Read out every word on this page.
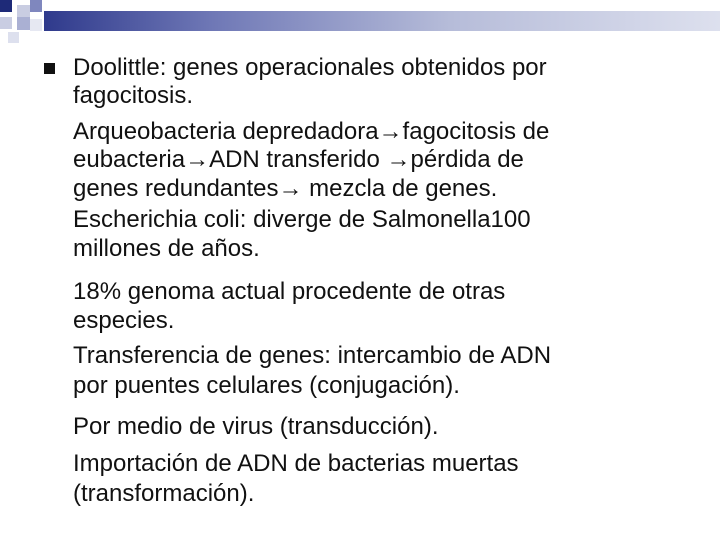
Doolittle: genes operacionales obtenidos por

fagocitosis.

Arqueobacteria depredadora→fagocitosis de

eubacteria→ADN transferido →pérdida de

genes redundantes→ mezcla de genes.

Escherichia coli: diverge de Salmonella100

millones de años.

18% genoma actual procedente de otras

especies.

Transferencia de genes: intercambio de ADN

por puentes celulares (conjugación).

Por medio de virus (transducción).

Importación de ADN de bacterias muertas

(transformación).
